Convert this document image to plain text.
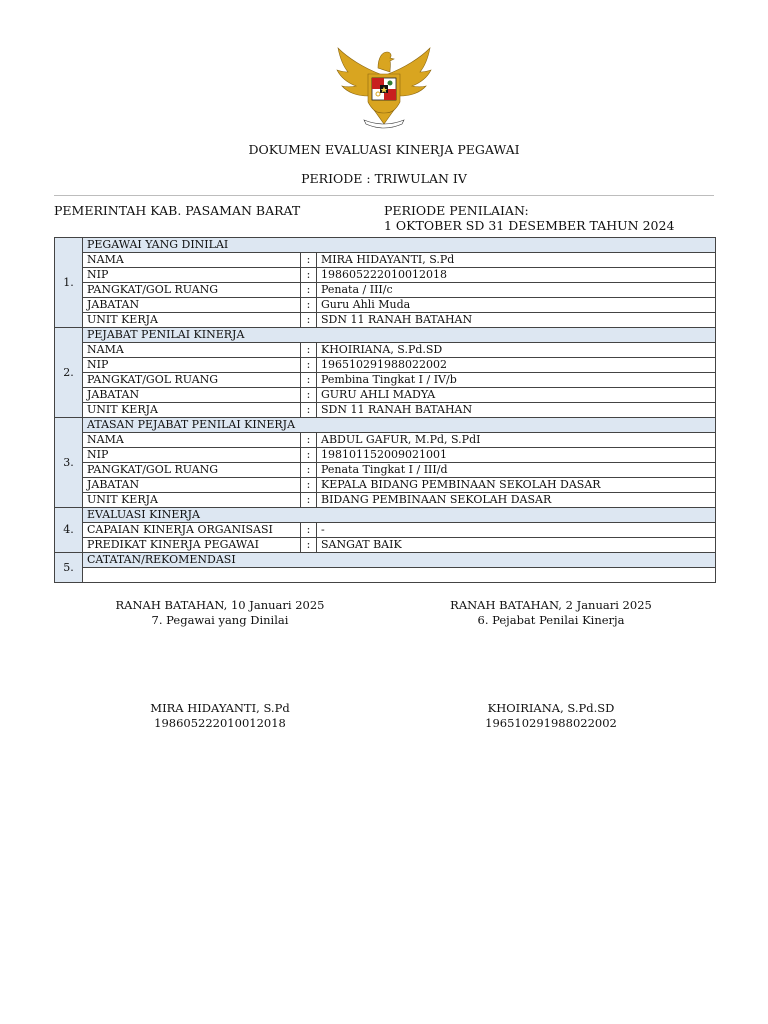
DOKUMEN EVALUASI KINERJA PEGAWAI
PERIODE : TRIWULAN IV
PEMERINTAH KAB. PASAMAN BARAT	PERIODE PENILAIAN:
1 OKTOBER SD 31 DESEMBER TAHUN 2024
1.	PEGAWAI YANG DINILAI		
	NAMA	:	MIRA HIDAYANTI, S.Pd
	NIP	:	198605222010012018
	PANGKAT/GOL RUANG	:	Penata / III/c
	JABATAN	:	Guru Ahli Muda
	UNIT KERJA	:	SDN 11 RANAH BATAHAN
2.	PEJABAT PENILAI KINERJA		
	NAMA	:	KHOIRIANA, S.Pd.SD
	NIP	:	196510291988022002
	PANGKAT/GOL RUANG	:	Pembina Tingkat I / IV/b
	JABATAN	:	GURU AHLI MADYA
	UNIT KERJA	:	SDN 11 RANAH BATAHAN
3.	ATASAN PEJABAT PENILAI KINERJA		
	NAMA	:	ABDUL GAFUR, M.Pd, S.PdI
	NIP	:	198101152009021001
	PANGKAT/GOL RUANG	:	Penata Tingkat I / III/d
	JABATAN	:	KEPALA BIDANG PEMBINAAN SEKOLAH DASAR
	UNIT KERJA	:	BIDANG PEMBINAAN SEKOLAH DASAR
4.	EVALUASI KINERJA		
	CAPAIAN KINERJA ORGANISASI	:	-
	PREDIKAT KINERJA PEGAWAI	:	SANGAT BAIK
5.	CATATAN/REKOMENDASI		

RANAH BATAHAN, 10 Januari 2025
7. Pegawai yang Dinilai
MIRA HIDAYANTI, S.Pd
198605222010012018
RANAH BATAHAN, 2 Januari 2025
6. Pejabat Penilai Kinerja
KHOIRIANA, S.Pd.SD
196510291988022002
